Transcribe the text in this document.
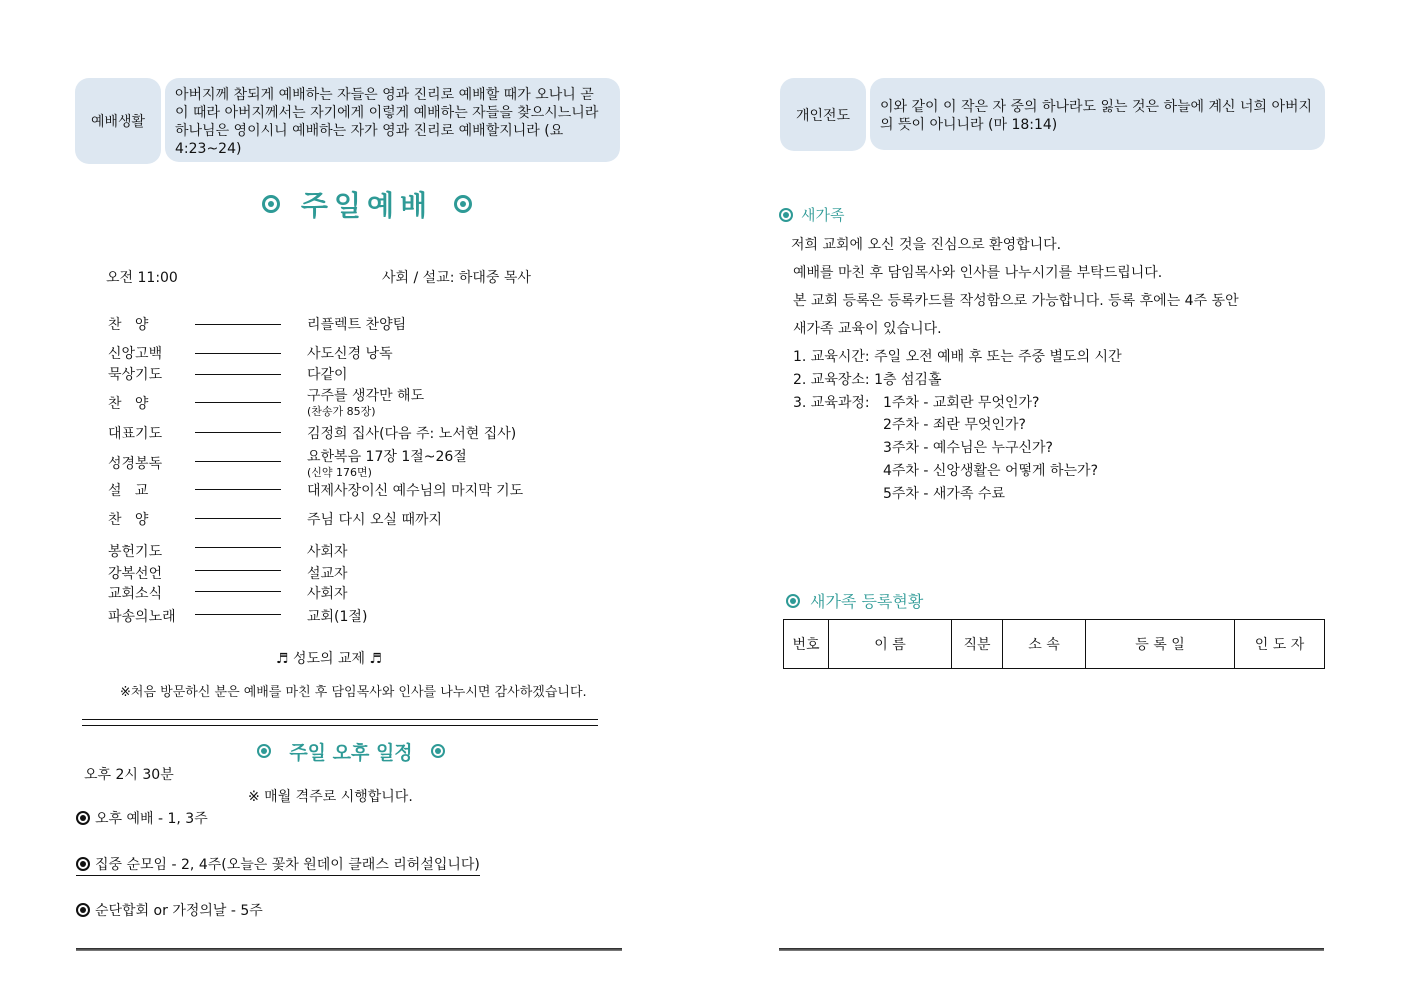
예배생활
아버지께 참되게 예배하는 자들은 영과 진리로 예배할 때가 오나니 곧 이 때라 아버지께서는 자기에게 이렇게 예배하는 자들을 찾으시느니라 하나님은 영이시니 예배하는 자가 영과 진리로 예배할지니라 (요4:23~24)
주일예배
오전 11:00	사회 / 설교: 하대중 목사
찬   양	리플렉트 찬양팀
신앙고백	사도신경 낭독
묵상기도	다같이
찬   양	구주를 생각만 해도
(찬송가 85장)
대표기도	김정희 집사(다음 주: 노서현 집사)
성경봉독	요한복음 17장 1절~26절
(신약 176면)
설   교	대제사장이신 예수님의 마지막 기도
찬   양	주님 다시 오실 때까지
봉헌기도	사회자
강복선언	설교자
교회소식	사회자
파송의노래	교회(1절)
♬ 성도의 교제 ♬
※처음 방문하신 분은 예배를 마친 후 담임목사와 인사를 나누시면 감사하겠습니다.
주일 오후 일정
오후 2시 30분
※ 매월 격주로 시행합니다.
오후 예배 - 1, 3주
집중 순모임 - 2, 4주(오늘은 꽃차 원데이 클래스 리허설입니다)
순단합회 or 가정의날 - 5주
개인전도
이와 같이 이 작은 자 중의 하나라도 잃는 것은 하늘에 계신 너희 아버지의 뜻이 아니니라 (마 18:14)
새가족
저희 교회에 오신 것을 진심으로 환영합니다.
예배를 마친 후 담임목사와 인사를 나누시기를 부탁드립니다.
본 교회 등록은 등록카드를 작성함으로 가능합니다. 등록 후에는 4주 동안
새가족 교육이 있습니다.
1. 교육시간: 주일 오전 예배 후 또는 주중 별도의 시간
2. 교육장소: 1층 섬김홀
3. 교육과정: 1주차 - 교회란 무엇인가?
2주차 - 죄란 무엇인가?
3주차 - 예수님은 누구신가?
4주차 - 신앙생활은 어떻게 하는가?
5주차 - 새가족 수료
새가족 등록현황
번호	이 름	직분	소 속	등 록 일	인 도 자
